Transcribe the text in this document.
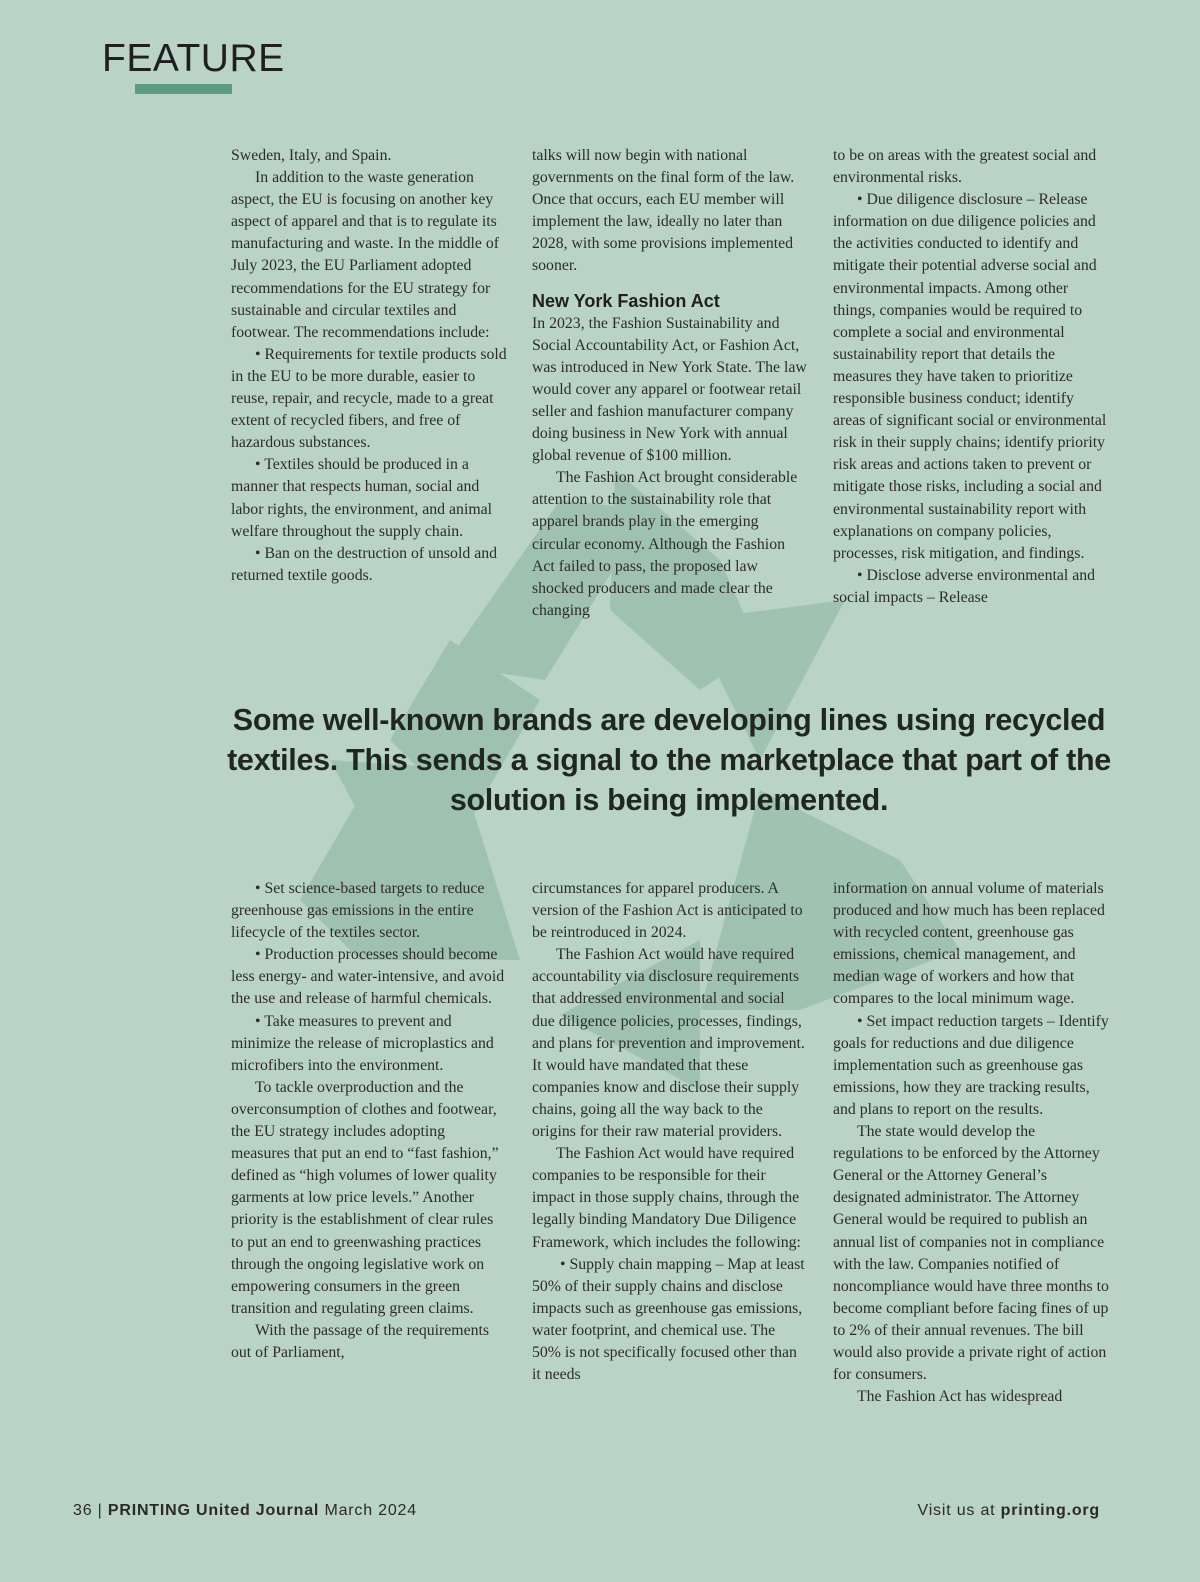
FEATURE

Sweden, Italy, and Spain.

In addition to the waste generation aspect, the EU is focusing on another key aspect of apparel and that is to regulate its manufacturing and waste. In the middle of July 2023, the EU Parliament adopted recommendations for the EU strategy for sustainable and circular textiles and footwear. The recommendations include:

• Requirements for textile products sold in the EU to be more durable, easier to reuse, repair, and recycle, made to a great extent of recycled fibers, and free of hazardous substances.

• Textiles should be produced in a manner that respects human, social and labor rights, the environment, and animal welfare throughout the supply chain.

• Ban on the destruction of unsold and returned textile goods.

talks will now begin with national governments on the final form of the law. Once that occurs, each EU member will implement the law, ideally no later than 2028, with some provisions implemented sooner.

New York Fashion Act

In 2023, the Fashion Sustainability and Social Accountability Act, or Fashion Act, was introduced in New York State. The law would cover any apparel or footwear retail seller and fashion manufacturer company doing business in New York with annual global revenue of $100 million.

The Fashion Act brought considerable attention to the sustainability role that apparel brands play in the emerging circular economy. Although the Fashion Act failed to pass, the proposed law shocked producers and made clear the changing

to be on areas with the greatest social and environmental risks.

• Due diligence disclosure – Release information on due diligence policies and the activities conducted to identify and mitigate their potential adverse social and environmental impacts. Among other things, companies would be required to complete a social and environmental sustainability report that details the measures they have taken to prioritize responsible business conduct; identify areas of significant social or environmental risk in their supply chains; identify priority risk areas and actions taken to prevent or mitigate those risks, including a social and environmental sustainability report with explanations on company policies, processes, risk mitigation, and findings.

• Disclose adverse environmental and social impacts – Release

Some well-known brands are developing lines using recycled textiles. This sends a signal to the marketplace that part of the solution is being implemented.

• Set science-based targets to reduce greenhouse gas emissions in the entire lifecycle of the textiles sector.

• Production processes should become less energy- and water-intensive, and avoid the use and release of harmful chemicals.

• Take measures to prevent and minimize the release of microplastics and microfibers into the environment.

To tackle overproduction and the overconsumption of clothes and footwear, the EU strategy includes adopting measures that put an end to “fast fashion,” defined as “high volumes of lower quality garments at low price levels.” Another priority is the establishment of clear rules to put an end to greenwashing practices through the ongoing legislative work on empowering consumers in the green transition and regulating green claims.

With the passage of the requirements out of Parliament,

circumstances for apparel producers. A version of the Fashion Act is anticipated to be reintroduced in 2024.

The Fashion Act would have required accountability via disclosure requirements that addressed environmental and social due diligence policies, processes, findings, and plans for prevention and improvement. It would have mandated that these companies know and disclose their supply chains, going all the way back to the origins for their raw material providers.

The Fashion Act would have required companies to be responsible for their impact in those supply chains, through the legally binding Mandatory Due Diligence Framework, which includes the following:

• Supply chain mapping – Map at least 50% of their supply chains and disclose impacts such as greenhouse gas emissions, water footprint, and chemical use. The 50% is not specifically focused other than it needs

information on annual volume of materials produced and how much has been replaced with recycled content, greenhouse gas emissions, chemical management, and median wage of workers and how that compares to the local minimum wage.

• Set impact reduction targets – Identify goals for reductions and due diligence implementation such as greenhouse gas emissions, how they are tracking results, and plans to report on the results.

The state would develop the regulations to be enforced by the Attorney General or the Attorney General’s designated administrator. The Attorney General would be required to publish an annual list of companies not in compliance with the law. Companies notified of noncompliance would have three months to become compliant before facing fines of up to 2% of their annual revenues. The bill would also provide a private right of action for consumers.

The Fashion Act has widespread

36 | PRINTING United Journal March 2024	Visit us at printing.org
